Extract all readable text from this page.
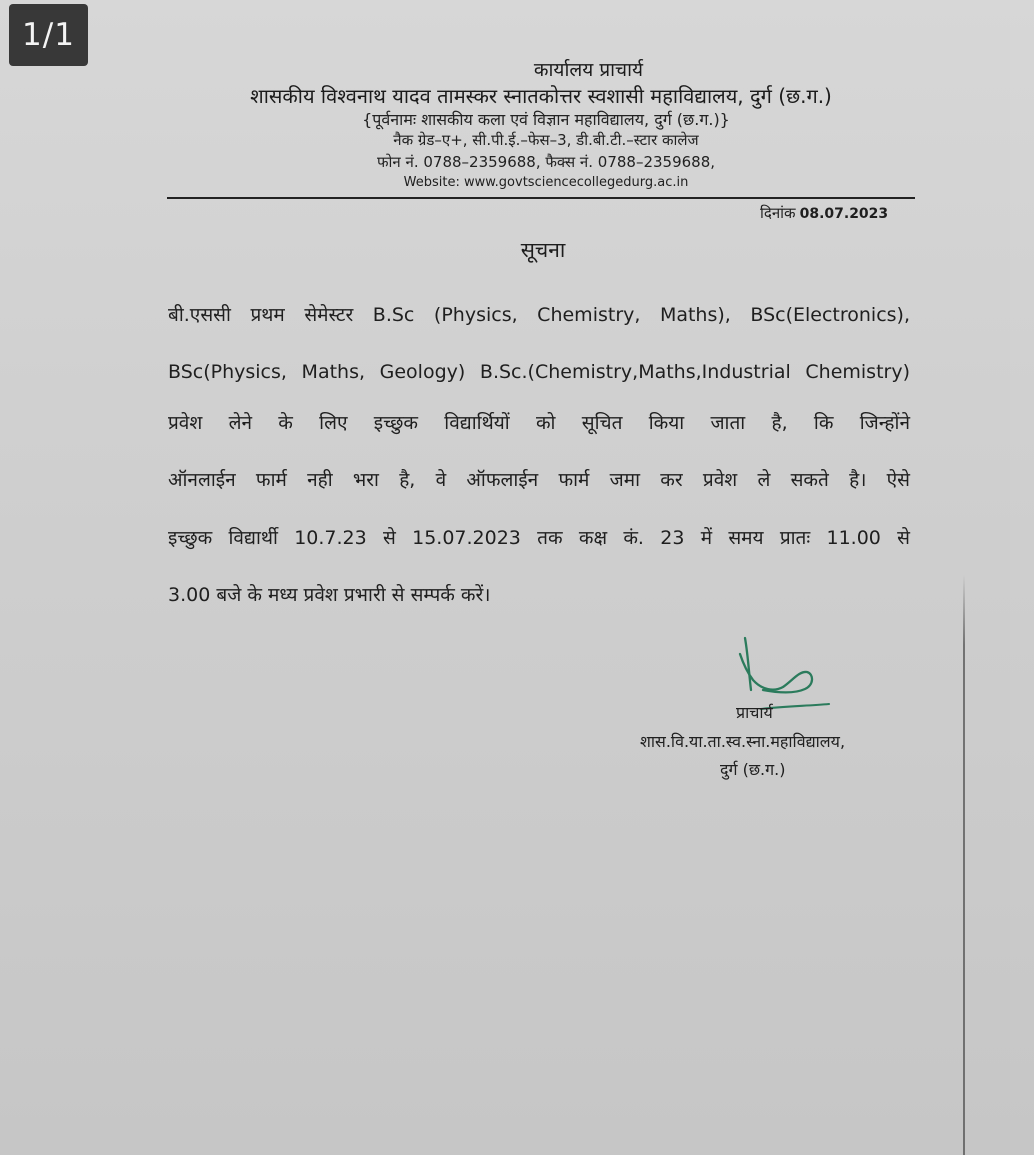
कार्यालय प्राचार्य
शासकीय विश्वनाथ यादव तामस्कर स्नातकोत्तर स्वशासी महाविद्यालय, दुर्ग (छ.ग.)
{पूर्वनामः शासकीय कला एवं विज्ञान महाविद्यालय, दुर्ग (छ.ग.)}
नैक ग्रेड–ए+, सी.पी.ई.–फेस–3, डी.बी.टी.–स्टार कालेज
फोन नं. 0788–2359688, फैक्स नं. 0788–2359688,
Website: www.govtsciencecollegedurg.ac.in
दिनांक 08.07.2023
सूचना
बी.एससी प्रथम सेमेस्टर B.Sc (Physics, Chemistry, Maths), BSc(Electronics),
BSc(Physics, Maths, Geology) B.Sc.(Chemistry,Maths,Industrial Chemistry)
प्रवेश लेने के लिए इच्छुक विद्यार्थियों को सूचित किया जाता है, कि जिन्होंने
ऑनलाईन फार्म नही भरा है, वे ऑफलाईन फार्म जमा कर प्रवेश ले सकते है। ऐसे
इच्छुक विद्यार्थी 10.7.23 से 15.07.2023 तक कक्ष कं. 23 में समय प्रातः 11.00 से
3.00 बजे के मध्य प्रवेश प्रभारी से सम्पर्क करें।
प्राचार्य
शास.वि.या.ता.स्व.स्ना.महाविद्यालय,
दुर्ग (छ.ग.)
1/1
